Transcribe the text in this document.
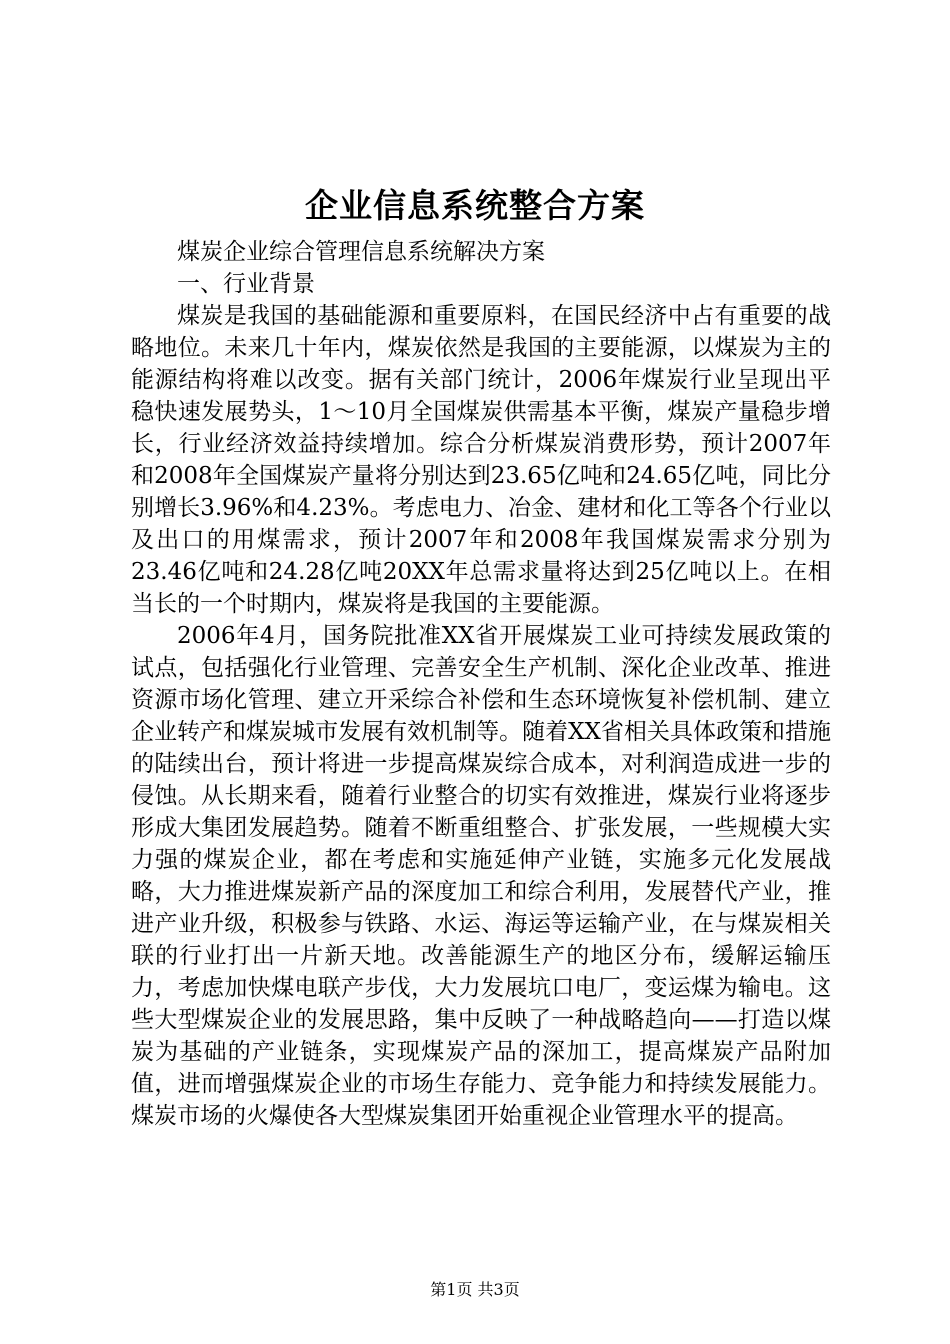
企业信息系统整合方案

煤炭企业综合管理信息系统解决方案

一、行业背景

煤炭是我国的基础能源和重要原料，在国民经济中占有重要的战略地位。未来几十年内，煤炭依然是我国的主要能源，以煤炭为主的能源结构将难以改变。据有关部门统计，2006年煤炭行业呈现出平稳快速发展势头，1～10月全国煤炭供需基本平衡，煤炭产量稳步增长，行业经济效益持续增加。综合分析煤炭消费形势，预计2007年和2008年全国煤炭产量将分别达到23.65亿吨和24.65亿吨，同比分别增长3.96%和4.23%。考虑电力、冶金、建材和化工等各个行业以及出口的用煤需求，预计2007年和2008年我国煤炭需求分别为23.46亿吨和24.28亿吨20XX年总需求量将达到25亿吨以上。在相当长的一个时期内，煤炭将是我国的主要能源。

2006年4月，国务院批准XX省开展煤炭工业可持续发展政策的试点，包括强化行业管理、完善安全生产机制、深化企业改革、推进资源市场化管理、建立开采综合补偿和生态环境恢复补偿机制、建立企业转产和煤炭城市发展有效机制等。随着XX省相关具体政策和措施的陆续出台，预计将进一步提高煤炭综合成本，对利润造成进一步的侵蚀。从长期来看，随着行业整合的切实有效推进，煤炭行业将逐步形成大集团发展趋势。随着不断重组整合、扩张发展，一些规模大实力强的煤炭企业，都在考虑和实施延伸产业链，实施多元化发展战略，大力推进煤炭新产品的深度加工和综合利用，发展替代产业，推进产业升级，积极参与铁路、水运、海运等运输产业，在与煤炭相关联的行业打出一片新天地。改善能源生产的地区分布，缓解运输压力，考虑加快煤电联产步伐，大力发展坑口电厂，变运煤为输电。这些大型煤炭企业的发展思路，集中反映了一种战略趋向——打造以煤炭为基础的产业链条，实现煤炭产品的深加工，提高煤炭产品附加值，进而增强煤炭企业的市场生存能力、竞争能力和持续发展能力。煤炭市场的火爆使各大型煤炭集团开始重视企业管理水平的提高。

第1页 共3页
